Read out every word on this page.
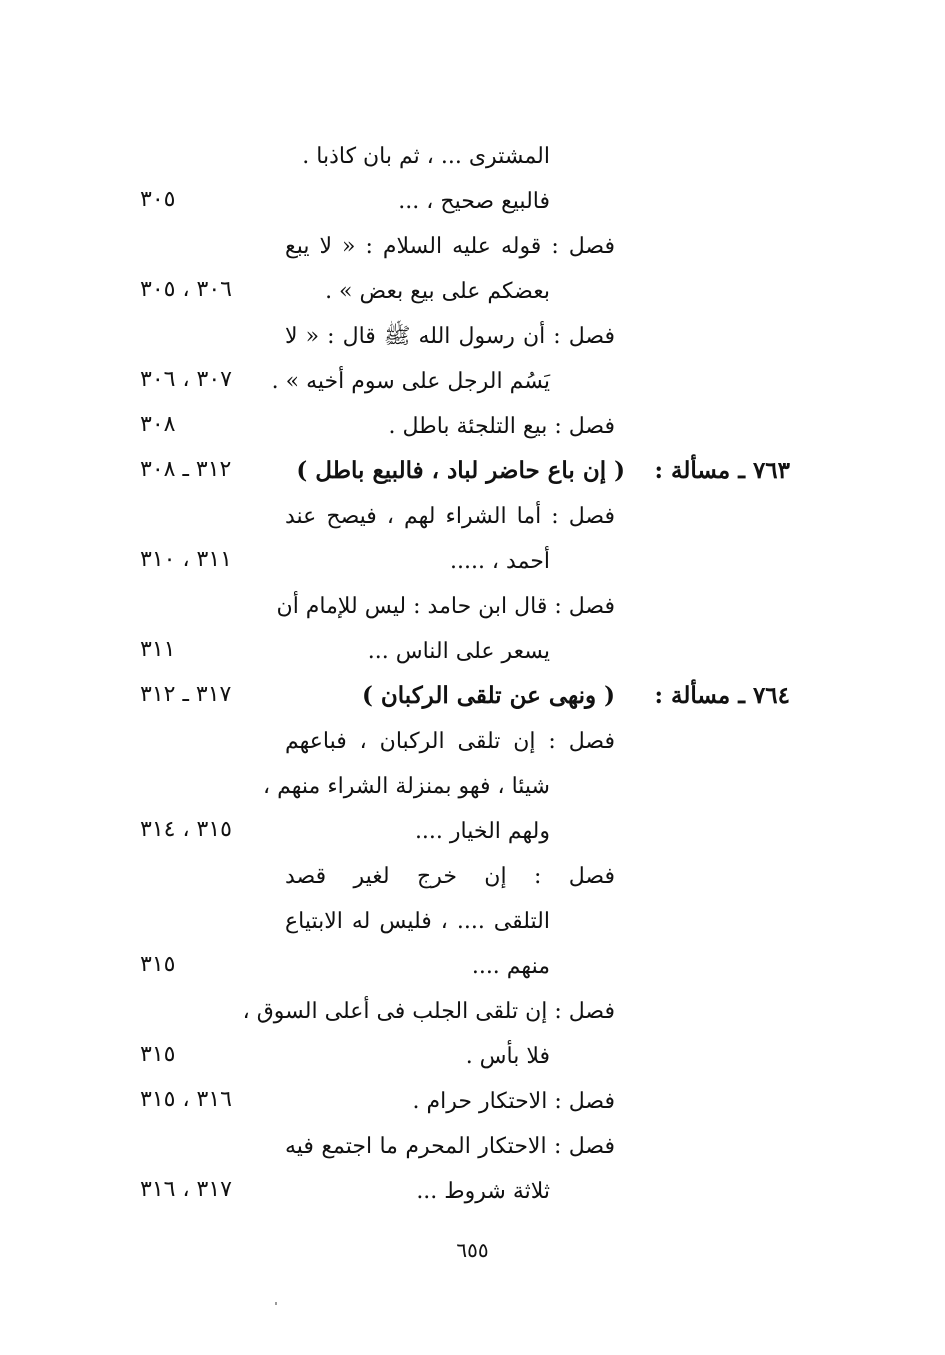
المشترى ... ، ثم بان كاذبا .
فالبيع صحيح ، ...
٣٠٥
فصل : قوله عليه السلام : « لا يبع
بعضكم على بيع بعض » .
٣٠٦ ، ٣٠٥
فصل : أن رسول الله ﷺ قال : « لا
يَسُم الرجل على سوم أخيه » .
٣٠٧ ، ٣٠٦
فصل : بيع التلجئة باطل .
٣٠٨
٧٦٣ ـ مسألة :
( إن باع حاضر لباد ، فالبيع باطل )
٣١٢ ـ ٣٠٨
فصل : أما الشراء لهم ، فيصح عند
أحمد ، .....
٣١١ ، ٣١٠
فصل : قال ابن حامد : ليس للإمام أن
يسعر على الناس ...
٣١١
٧٦٤ ـ مسألة :
( ونهى عن تلقى الركبان )
٣١٧ ـ ٣١٢
فصل : إن تلقى الركبان ، فباعهم
شيئا ، فهو بمنزلة الشراء منهم ،
ولهم الخيار ....
٣١٥ ، ٣١٤
فصل : إن خرج لغير قصد
التلقى .... ، فليس له الابتياع
منهم ....
٣١٥
فصل : إن تلقى الجلب فى أعلى السوق ،
فلا بأس .
٣١٥
فصل : الاحتكار حرام .
٣١٦ ، ٣١٥
فصل : الاحتكار المحرم ما اجتمع فيه
ثلاثة شروط ...
٣١٧ ، ٣١٦
٦٥٥
